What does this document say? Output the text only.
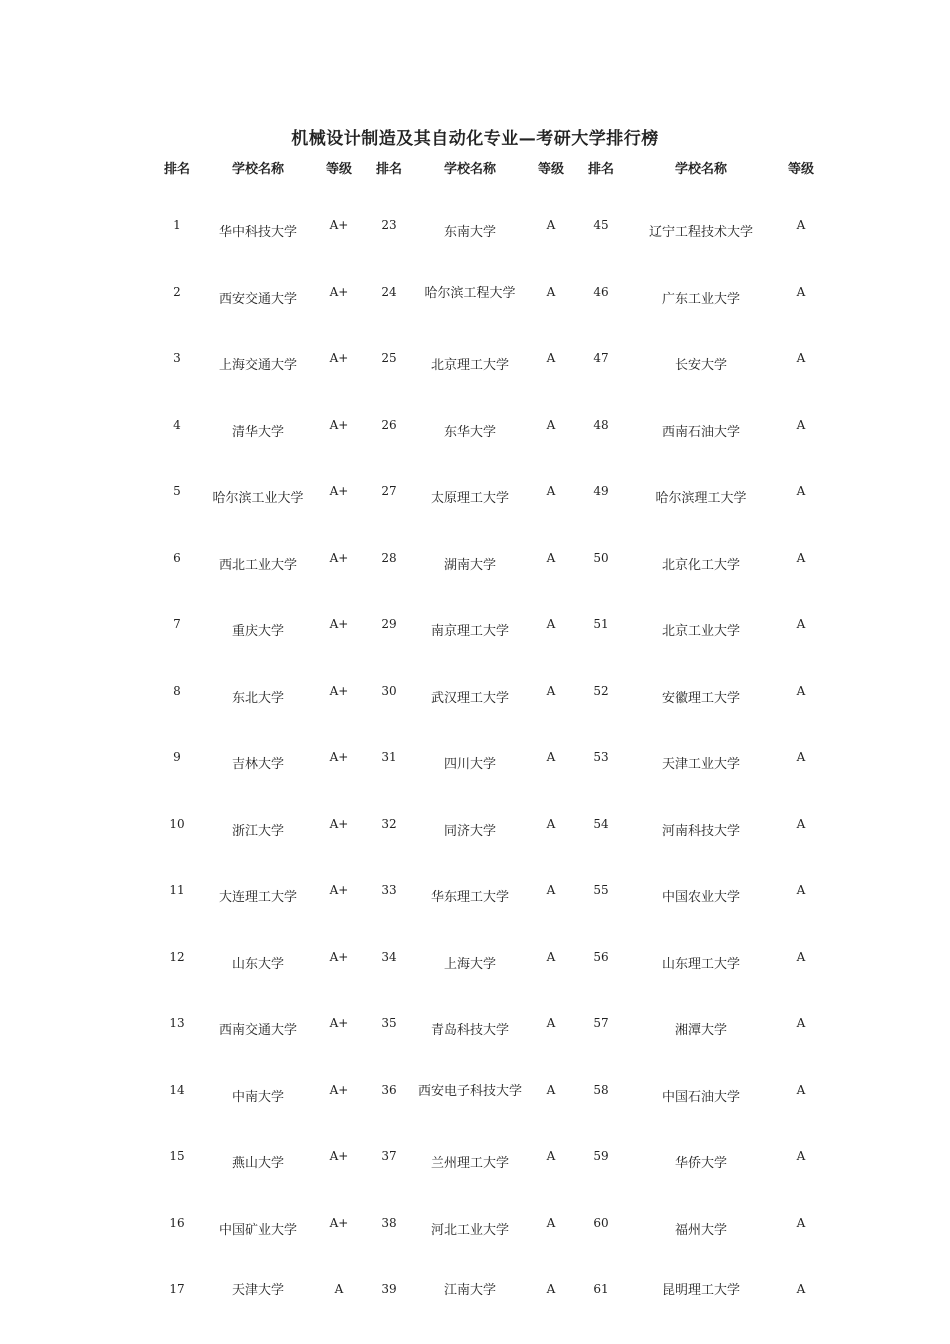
机械设计制造及其自动化专业—考研大学排行榜
排名	学校名称	等级	排名	学校名称	等级	排名	学校名称	等级

1	华中科技大学	A+	23	东南大学	A	45	辽宁工程技术大学	A
2	西安交通大学	A+	24	哈尔滨工程大学	A	46	广东工业大学	A
3	上海交通大学	A+	25	北京理工大学	A	47	长安大学	A
4	清华大学	A+	26	东华大学	A	48	西南石油大学	A
5	哈尔滨工业大学	A+	27	太原理工大学	A	49	哈尔滨理工大学	A
6	西北工业大学	A+	28	湖南大学	A	50	北京化工大学	A
7	重庆大学	A+	29	南京理工大学	A	51	北京工业大学	A
8	东北大学	A+	30	武汉理工大学	A	52	安徽理工大学	A
9	吉林大学	A+	31	四川大学	A	53	天津工业大学	A
10	浙江大学	A+	32	同济大学	A	54	河南科技大学	A
11	大连理工大学	A+	33	华东理工大学	A	55	中国农业大学	A
12	山东大学	A+	34	上海大学	A	56	山东理工大学	A
13	西南交通大学	A+	35	青岛科技大学	A	57	湘潭大学	A
14	中南大学	A+	36	西安电子科技大学	A	58	中国石油大学	A
15	燕山大学	A+	37	兰州理工大学	A	59	华侨大学	A
16	中国矿业大学	A+	38	河北工业大学	A	60	福州大学	A
17	天津大学	A	39	江南大学	A	61	昆明理工大学	A
